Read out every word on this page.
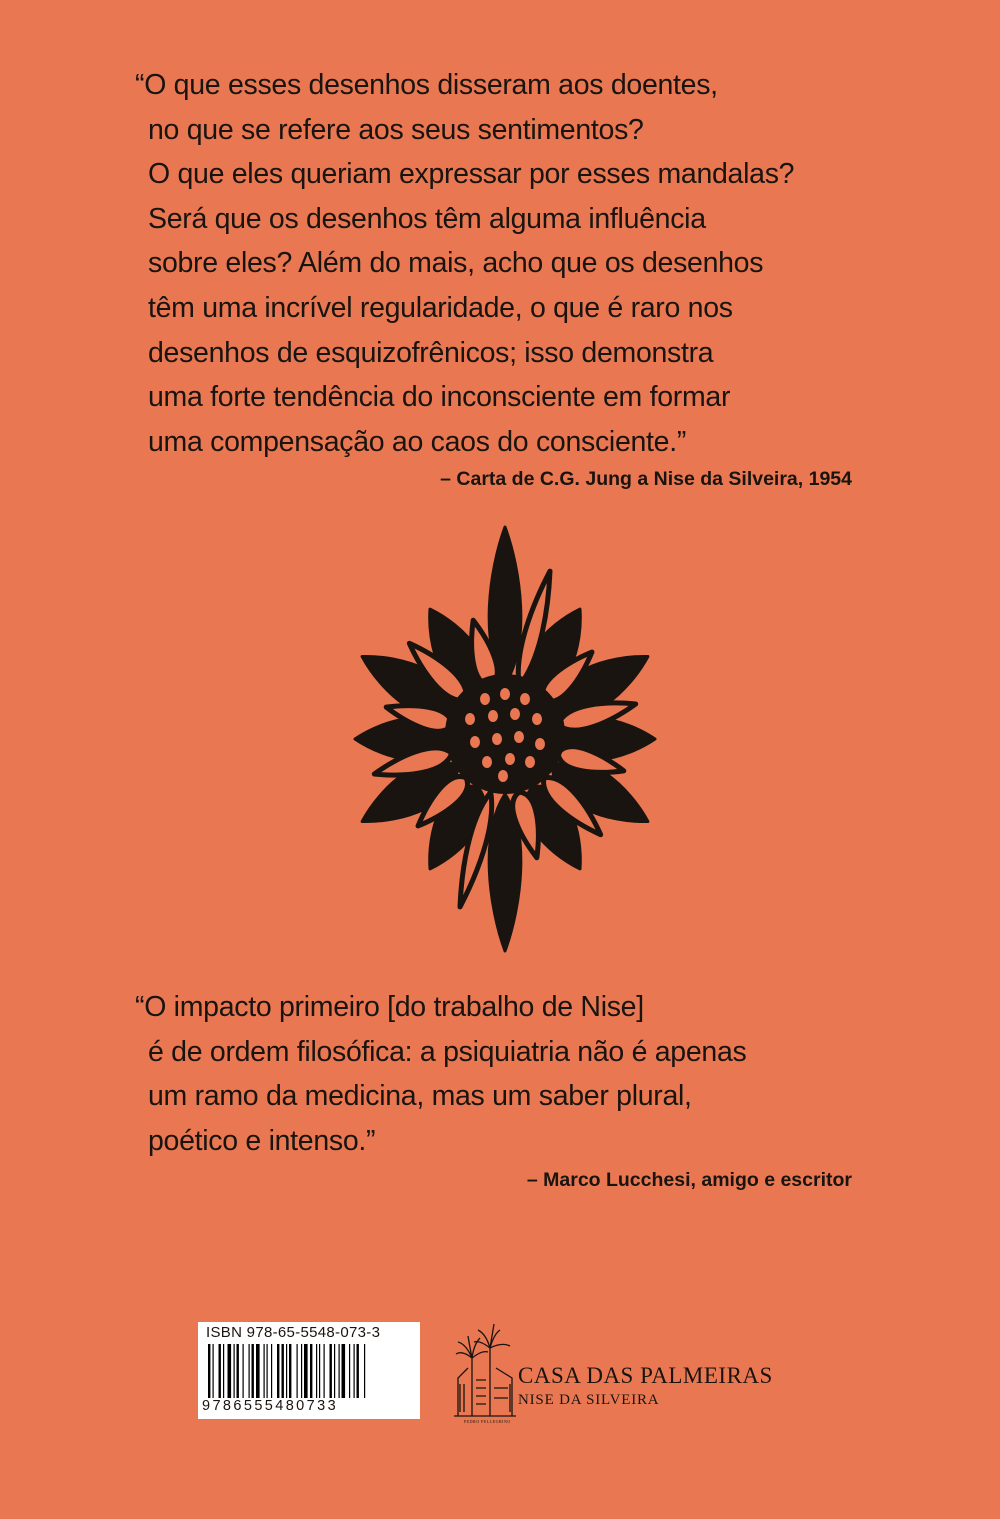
“O que esses desenhos disseram aos doentes,
no que se refere aos seus sentimentos?
O que eles queriam expressar por esses mandalas?
Será que os desenhos têm alguma influência
sobre eles? Além do mais, acho que os desenhos
têm uma incrível regularidade, o que é raro nos
desenhos de esquizofrênicos; isso demonstra
uma forte tendência do inconsciente em formar
uma compensação ao caos do consciente.”
– Carta de C.G. Jung a Nise da Silveira, 1954
“O impacto primeiro [do trabalho de Nise]
é de ordem filosófica: a psiquiatria não é apenas
um ramo da medicina, mas um saber plural,
poético e intenso.”
– Marco Lucchesi, amigo e escritor
ISBN 978-65-5548-073-3
9786555480733
CASA DAS PALMEIRAS
NISE DA SILVEIRA
PEDRO PELLEGRINO
